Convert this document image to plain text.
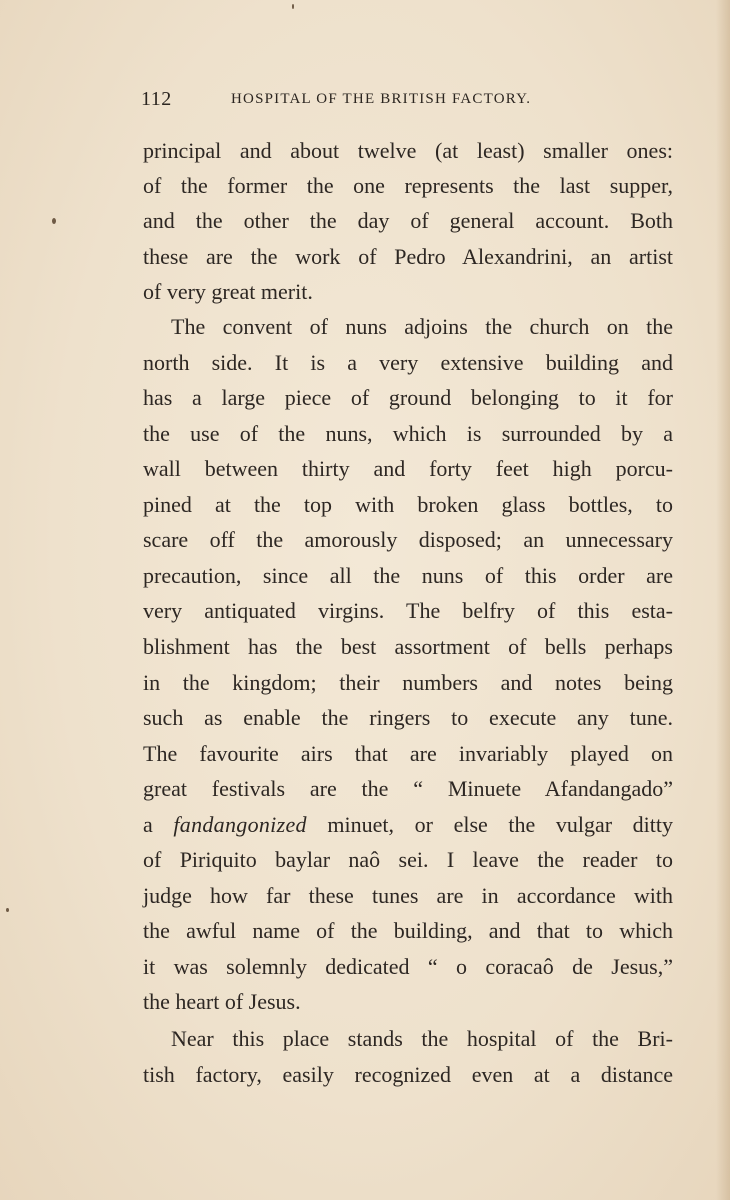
112	HOSPITAL OF THE BRITISH FACTORY.
principal and about twelve (at least) smaller ones:
of the former the one represents the last supper,
and the other the day of general account. Both
these are the work of Pedro Alexandrini, an artist
of very great merit.
The convent of nuns adjoins the church on the
north side. It is a very extensive building and
has a large piece of ground belonging to it for
the use of the nuns, which is surrounded by a
wall between thirty and forty feet high porcu-
pined at the top with broken glass bottles, to
scare off the amorously disposed; an unnecessary
precaution, since all the nuns of this order are
very antiquated virgins. The belfry of this esta-
blishment has the best assortment of bells perhaps
in the kingdom; their numbers and notes being
such as enable the ringers to execute any tune.
The favourite airs that are invariably played on
great festivals are the “ Minuete Afandangado”
a fandangonized minuet, or else the vulgar ditty
of Piriquito baylar naô sei. I leave the reader to
judge how far these tunes are in accordance with
the awful name of the building, and that to which
it was solemnly dedicated “ o coracaô de Jesus,”
the heart of Jesus.
Near this place stands the hospital of the Bri-
tish factory, easily recognized even at a distance
